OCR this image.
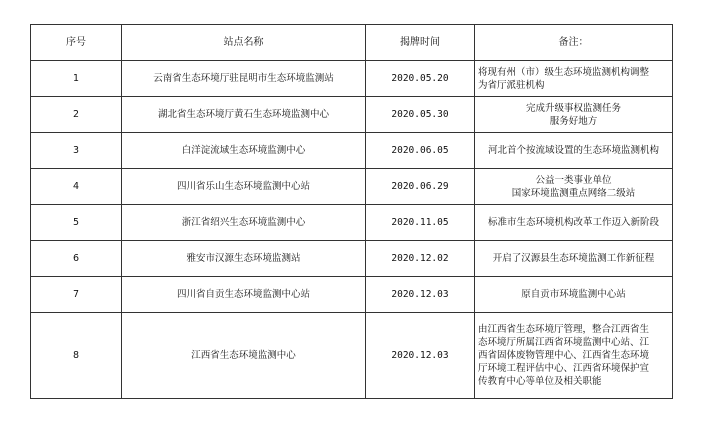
序号	站点名称	揭牌时间	备注：
1	云南省生态环境厅驻昆明市生态环境监测站	2020.05.20	将现有州（市）级生态环境监测机构调整
为省厅派驻机构

2	湖北省生态环境厅黄石生态环境监测中心	2020.05.30	完成升级事权监测任务
服务好地方

3	白洋淀流域生态环境监测中心	2020.06.05	河北首个按流域设置的生态环境监测机构

4	四川省乐山生态环境监测中心站	2020.06.29	公益一类事业单位
国家环境监测重点网络二级站

5	浙江省绍兴生态环境监测中心	2020.11.05	标准市生态环境机构改革工作迈入新阶段

6	雅安市汉源生态环境监测站	2020.12.02	开启了汉源县生态环境监测工作新征程

7	四川省自贡生态环境监测中心站	2020.12.03	原自贡市环境监测中心站

8	江西省生态环境监测中心	2020.12.03	由江西省生态环境厅管理，整合江西省生
态环境厅所属江西省环境监测中心站、江
西省固体废物管理中心、江西省生态环境
厅环境工程评估中心、江西省环境保护宣
传教育中心等单位及相关职能
